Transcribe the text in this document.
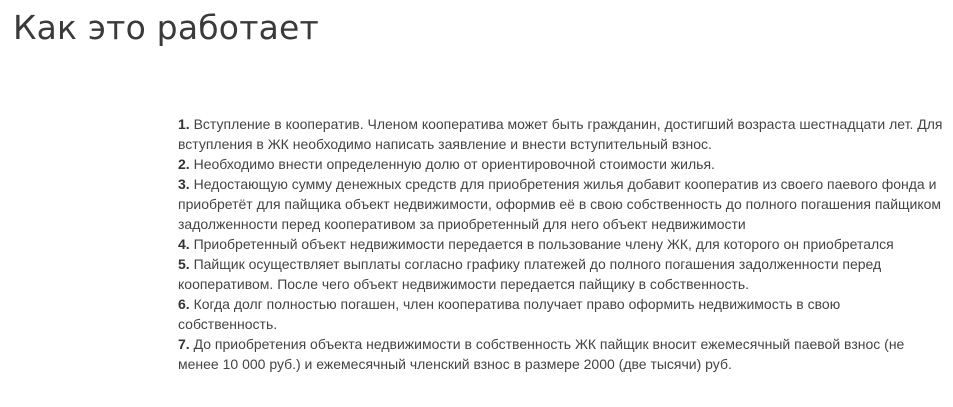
Как это работает
1. Вступление в кооператив. Членом кооператива может быть гражданин, достигший возраста шестнадцати лет. Для вступления в ЖК необходимо написать заявление и внести вступительный взнос.
2. Необходимо внести определенную долю от ориентировочной стоимости жилья.
3. Недостающую сумму денежных средств для приобретения жилья добавит кооператив из своего паевого фонда и приобретёт для пайщика объект недвижимости, оформив её в свою собственность до полного погашения пайщиком задолженности перед кооперативом за приобретенный для него объект недвижимости
4. Приобретенный объект недвижимости передается в пользование члену ЖК, для которого он приобретался
5. Пайщик осуществляет выплаты согласно графику платежей до полного погашения задолженности перед кооперативом. После чего объект недвижимости передается пайщику в собственность.
6. Когда долг полностью погашен, член кооператива получает право оформить недвижимость в свою собственность.
7. До приобретения объекта недвижимости в собственность ЖК пайщик вносит ежемесячный паевой взнос (не менее 10 000 руб.) и ежемесячный членский взнос в размере 2000 (две тысячи) руб.
